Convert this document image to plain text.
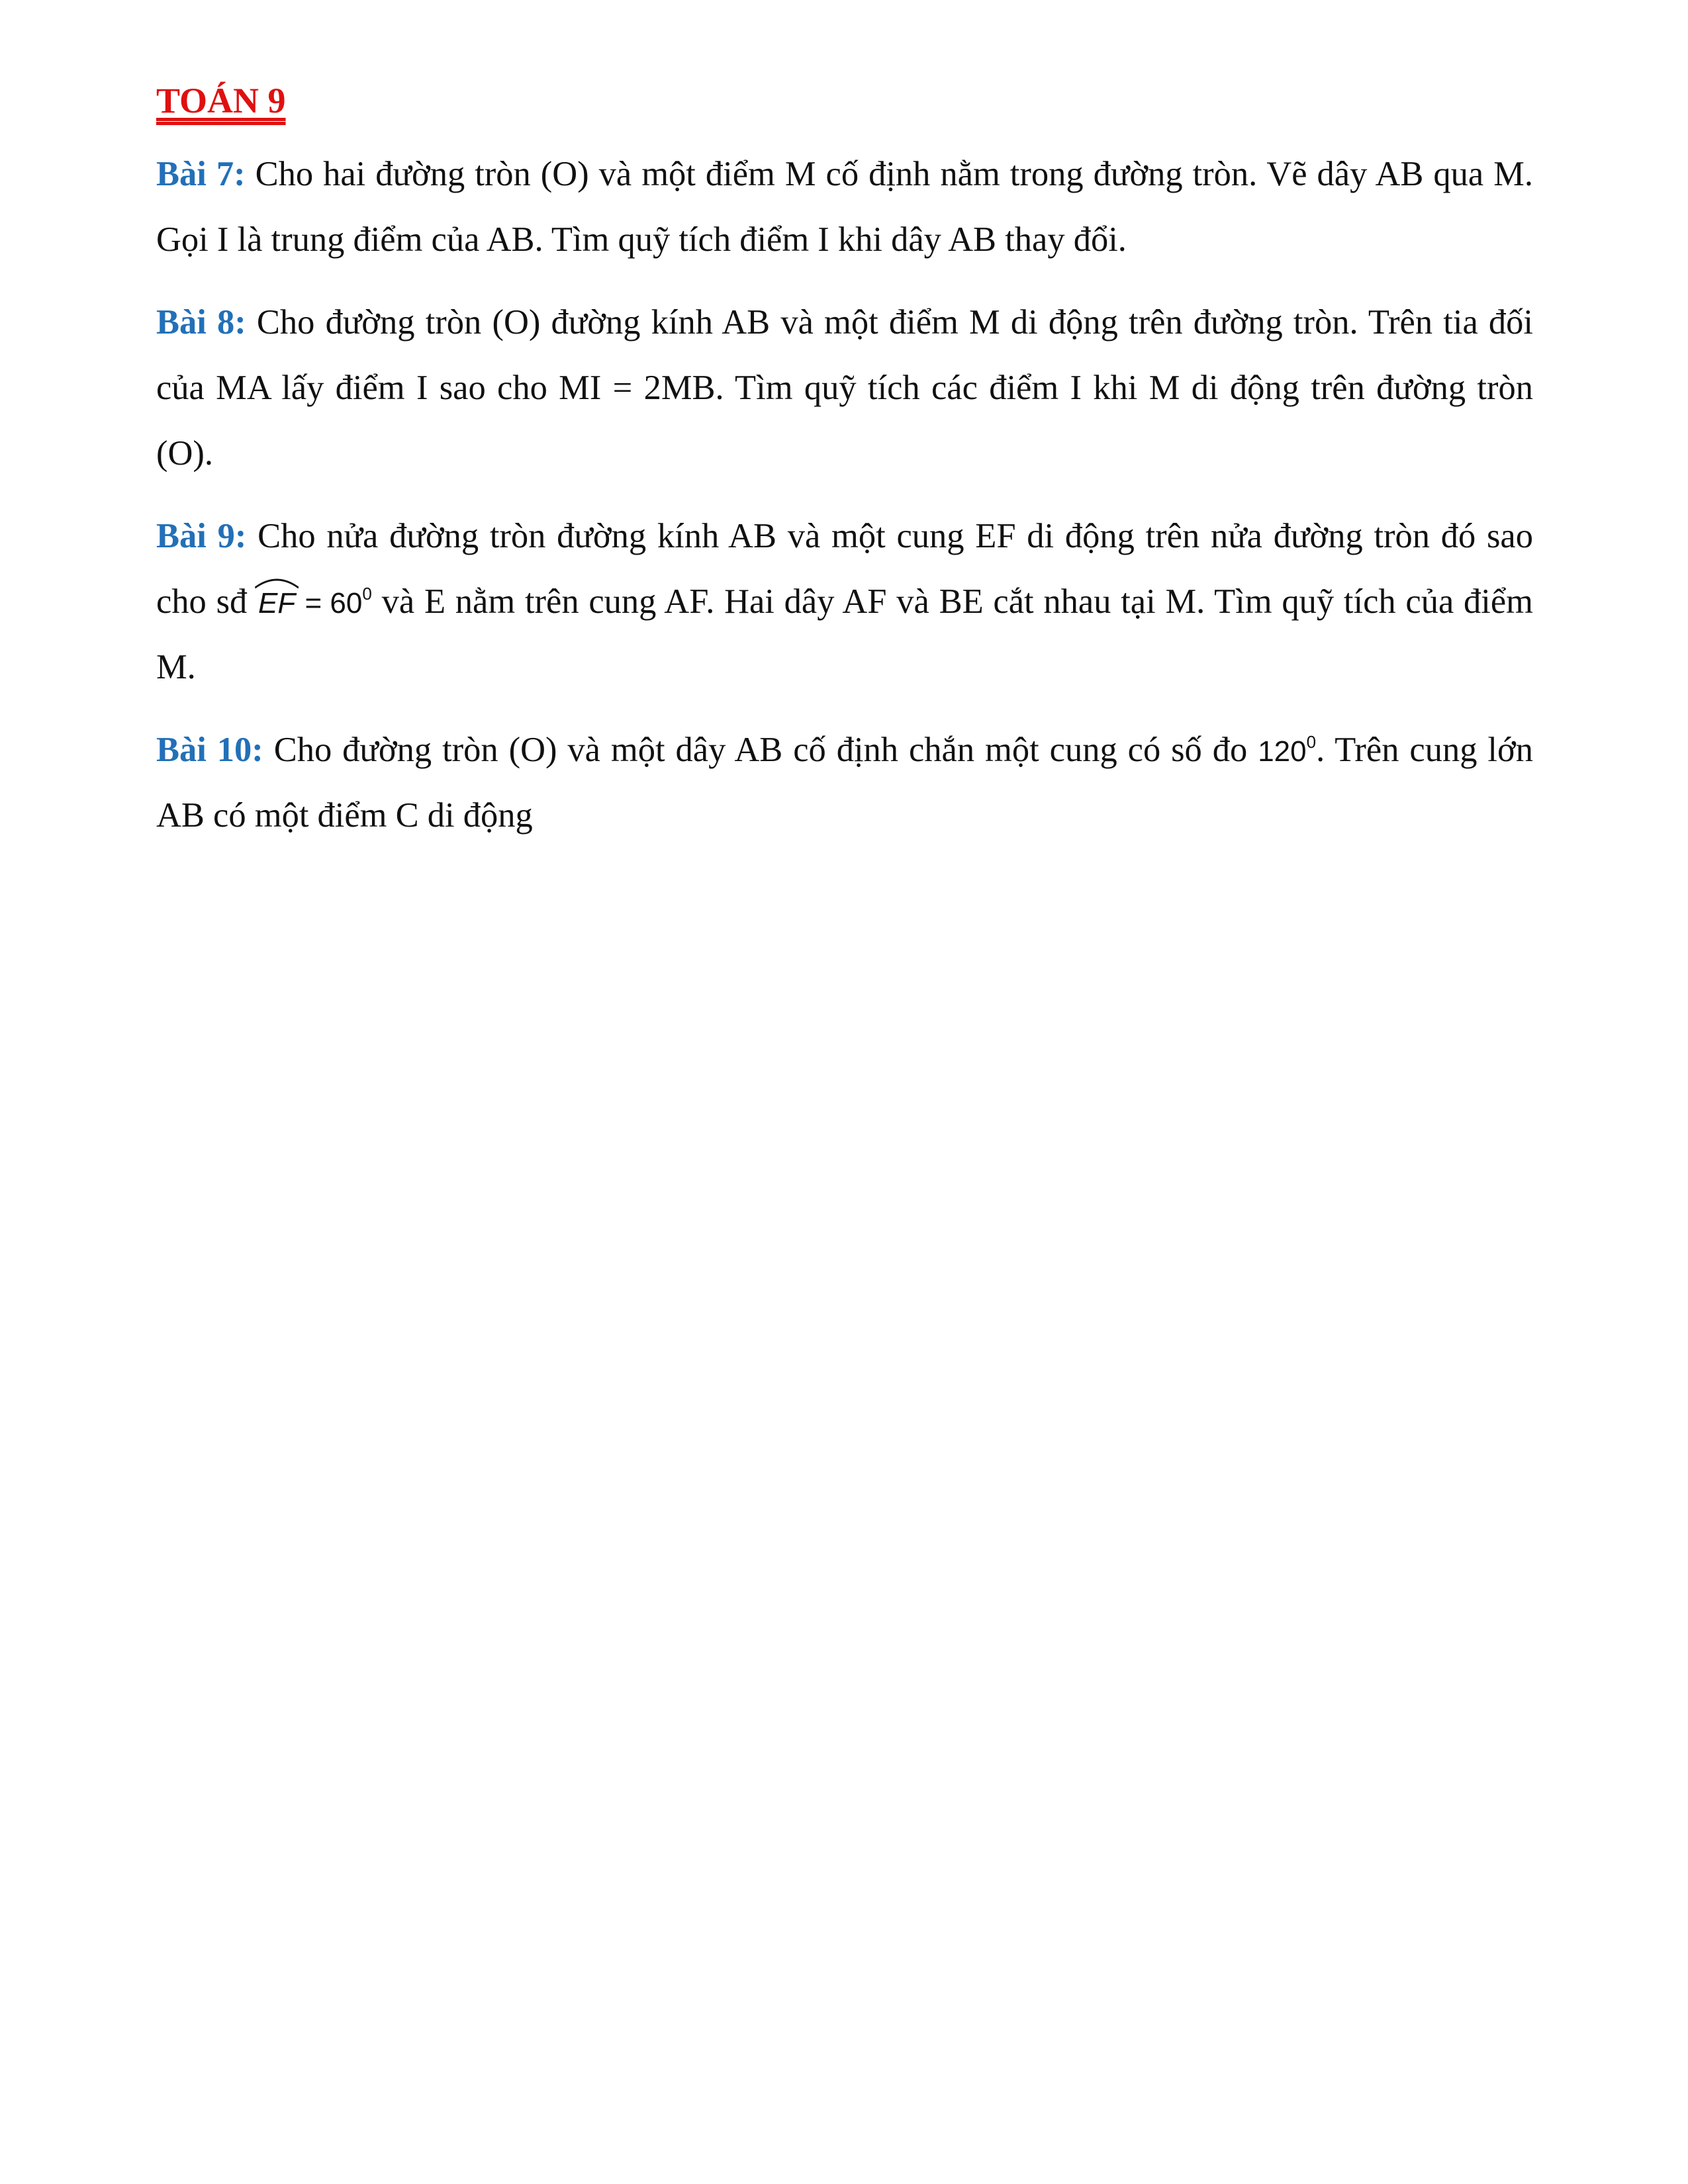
TOÁN 9

Bài 7: Cho hai đường tròn (O) và một điểm M cố định nằm trong đường tròn. Vẽ dây AB qua M. Gọi I là trung điểm của AB. Tìm quỹ tích điểm I khi dây AB thay đổi.

Bài 8: Cho đường tròn (O) đường kính AB và một điểm M di động trên đường tròn. Trên tia đối của MA lấy điểm I sao cho MI = 2MB. Tìm quỹ tích các điểm I khi M di động trên đường tròn (O).

Bài 9: Cho nửa đường tròn đường kính AB và một cung EF di động trên nửa đường tròn đó sao cho sđ
EF = $60^0$ và E nằm trên cung AF. Hai dây AF và BE cắt nhau tại M. Tìm quỹ tích của điểm M.

Bài 10: Cho đường tròn (O) và một dây AB cố định chắn một cung có số đo $120^0$. Trên cung lớn AB có một điểm C di động
